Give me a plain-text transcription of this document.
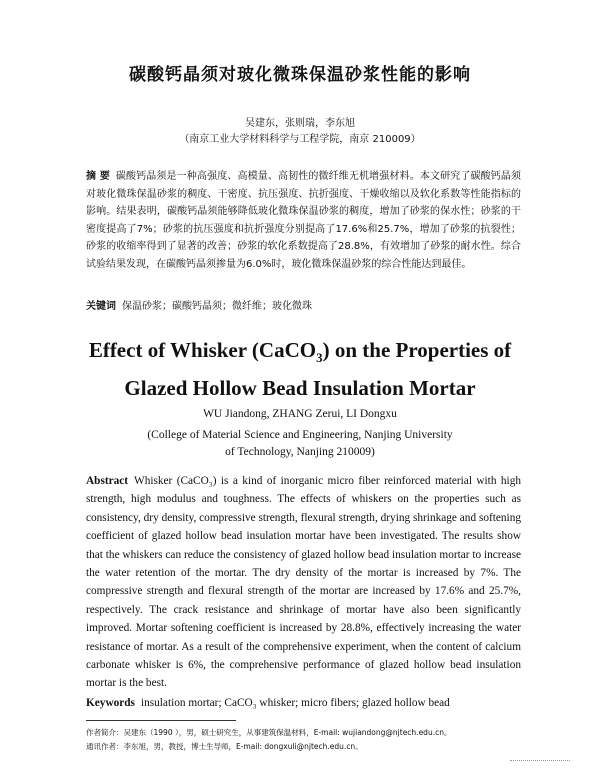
碳酸钙晶须对玻化微珠保温砂浆性能的影响
吴建东，张则瑞，李东旭
（南京工业大学材料科学与工程学院，南京 210009）
摘 要 碳酸钙晶须是一种高强度、高模量、高韧性的微纤维无机增强材料。本文研究了碳酸钙晶须对玻化微珠保温砂浆的稠度、干密度、抗压强度、抗折强度、干燥收缩以及软化系数等性能指标的影响。结果表明，碳酸钙晶须能够降低玻化微珠保温砂浆的稠度，增加了砂浆的保水性；砂浆的干密度提高了7%；砂浆的抗压强度和抗折强度分别提高了17.6%和25.7%，增加了砂浆的抗裂性；砂浆的收缩率得到了显著的改善；砂浆的软化系数提高了28.8%，有效增加了砂浆的耐水性。综合试验结果发现，在碳酸钙晶须掺量为6.0%时，玻化微珠保温砂浆的综合性能达到最佳。
关键词 保温砂浆；碳酸钙晶须；微纤维；玻化微珠
Effect of Whisker (CaCO$_3$) on the Properties of
Glazed Hollow Bead Insulation Mortar
WU Jiandong, ZHANG Zerui, LI Dongxu
(College of Material Science and Engineering, Nanjing University
of Technology, Nanjing 210009)
Abstract Whisker (CaCO₃) is a kind of inorganic micro fiber reinforced material with high strength, high modulus and toughness. The effects of whiskers on the properties such as consistency, dry density, compressive strength, flexural strength, drying shrinkage and softening coefficient of glazed hollow bead insulation mortar have been investigated. The results show that the whiskers can reduce the consistency of glazed hollow bead insulation mortar to increase the water retention of the mortar. The dry density of the mortar is increased by 7%. The compressive strength and flexural strength of the mortar are increased by 17.6% and 25.7%, respectively. The crack resistance and shrinkage of mortar have also been significantly improved. Mortar softening coefficient is increased by 28.8%, effectively increasing the water resistance of mortar. As a result of the comprehensive experiment, when the content of calcium carbonate whisker is 6%, the comprehensive performance of glazed hollow bead insulation mortar is the best.
Keywords insulation mortar; CaCO₃ whisker; micro fibers; glazed hollow bead
作者简介：吴建东（1990 ），男，硕士研究生，从事建筑保温材料，E-mail: wujiandong@njtech.edu.cn。
通讯作者：李东旭，男，教授，博士生导师，E-mail: dongxuli@njtech.edu.cn。
